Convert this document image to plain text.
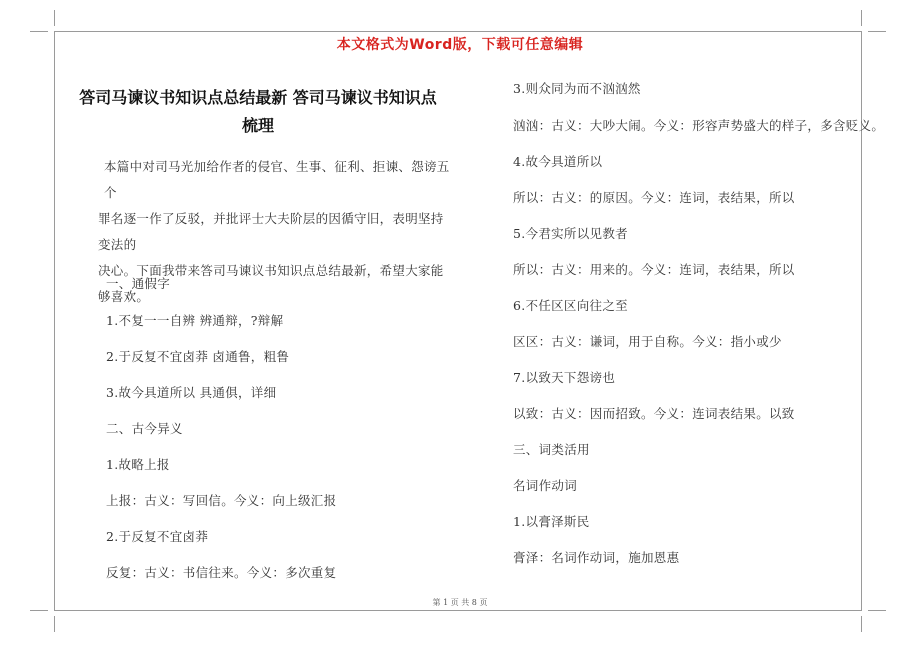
本文格式为Word版，下载可任意编辑
答司马谏议书知识点总结最新 答司马谏议书知识点
梳理

本篇中对司马光加给作者的侵官、生事、征利、拒谏、怨谤五个

罪名逐一作了反驳，并批评士大夫阶层的因循守旧，表明坚持变法的

决心。下面我带来答司马谏议书知识点总结最新，希望大家能够喜欢。

一、通假字
1.不复一一自辨 辨通辩，?辩解
2.于反复不宜卤莽 卤通鲁，粗鲁
3.故今具道所以 具通俱，详细
二、古今异义
1.故略上报
上报：古义：写回信。今义：向上级汇报
2.于反复不宜卤莽
反复：古义：书信往来。今义：多次重复
3.则众同为而不汹汹然
汹汹：古义：大吵大闹。今义：形容声势盛大的样子，多含贬义。
4.故今具道所以
所以：古义：的原因。今义：连词，表结果，所以
5.今君实所以见教者
所以：古义：用来的。今义：连词，表结果，所以
6.不任区区向往之至
区区：古义：谦词，用于自称。今义：指小或少
7.以致天下怨谤也
以致：古义：因而招致。今义：连词表结果。以致
三、词类活用
名词作动词
1.以膏泽斯民
膏泽：名词作动词，施加恩惠
第 1 页 共 8 页
